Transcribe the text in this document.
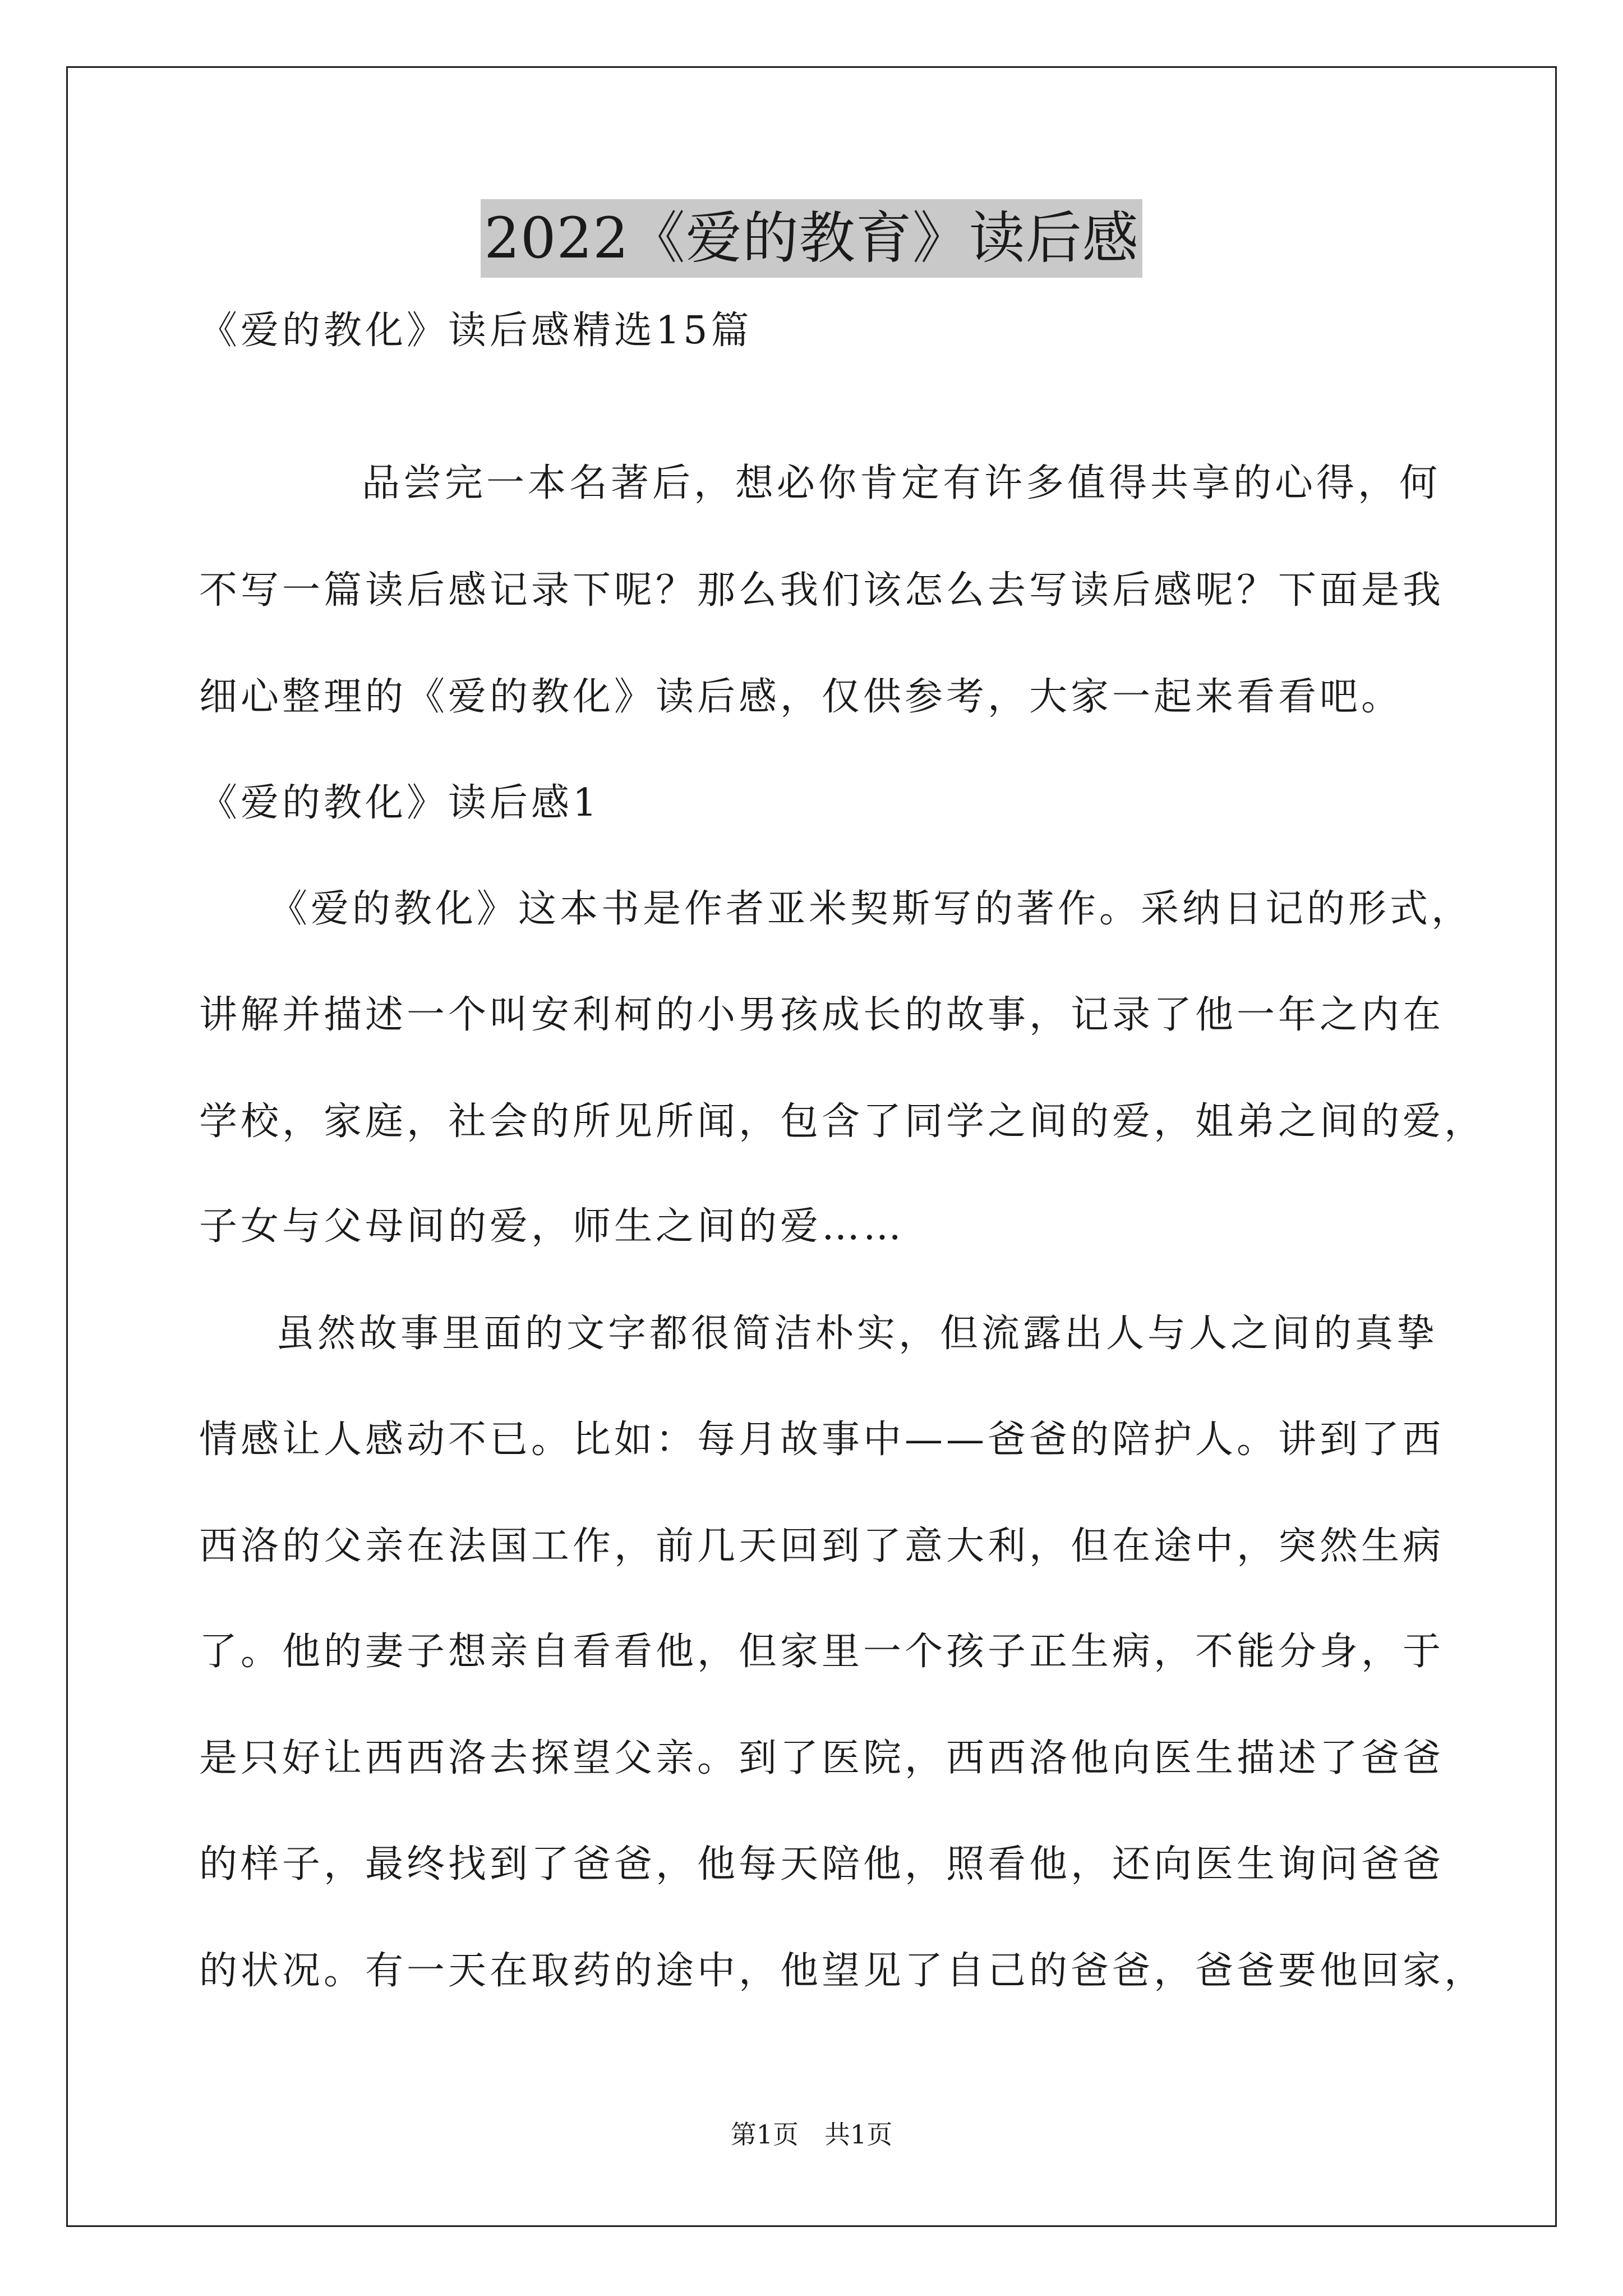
2022《爱的教育》读后感
《爱的教化》读后感精选15篇
品尝完一本名著后，想必你肯定有许多值得共享的心得，何
不写一篇读后感记录下呢？那么我们该怎么去写读后感呢？下面是我
细心整理的《爱的教化》读后感，仅供参考，大家一起来看看吧。
《爱的教化》读后感1
《爱的教化》这本书是作者亚米契斯写的著作。采纳日记的形式，
讲解并描述一个叫安利柯的小男孩成长的故事，记录了他一年之内在
学校，家庭，社会的所见所闻，包含了同学之间的爱，姐弟之间的爱，
子女与父母间的爱，师生之间的爱……
虽然故事里面的文字都很简洁朴实，但流露出人与人之间的真挚
情感让人感动不已。比如：每月故事中——爸爸的陪护人。讲到了西
西洛的父亲在法国工作，前几天回到了意大利，但在途中，突然生病
了。他的妻子想亲自看看他，但家里一个孩子正生病，不能分身，于
是只好让西西洛去探望父亲。到了医院，西西洛他向医生描述了爸爸
的样子，最终找到了爸爸，他每天陪他，照看他，还向医生询问爸爸
的状况。有一天在取药的途中，他望见了自己的爸爸，爸爸要他回家，
第1页　共1页
